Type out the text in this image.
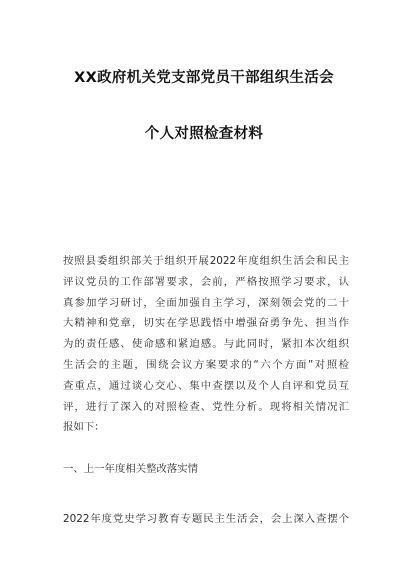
XX政府机关党支部党员干部组织生活会
个人对照检查材料
按照县委组织部关于组织开展2022年度组织生活会和民主
评议党员的工作部署要求，会前，严格按照学习要求，认
真参加学习研讨，全面加强自主学习，深刻领会党的二十
大精神和党章，切实在学思践悟中增强奋勇争先、担当作
为的责任感、使命感和紧迫感。与此同时，紧扣本次组织
生活会的主题，围绕会议方案要求的“六个方面”对照检
查重点，通过谈心交心、集中查摆以及个人自评和党员互
评，进行了深入的对照检查、党性分析。现将相关情况汇
报如下：
一、上一年度相关整改落实情
2022年度党史学习教育专题民主生活会，会上深入查摆个
